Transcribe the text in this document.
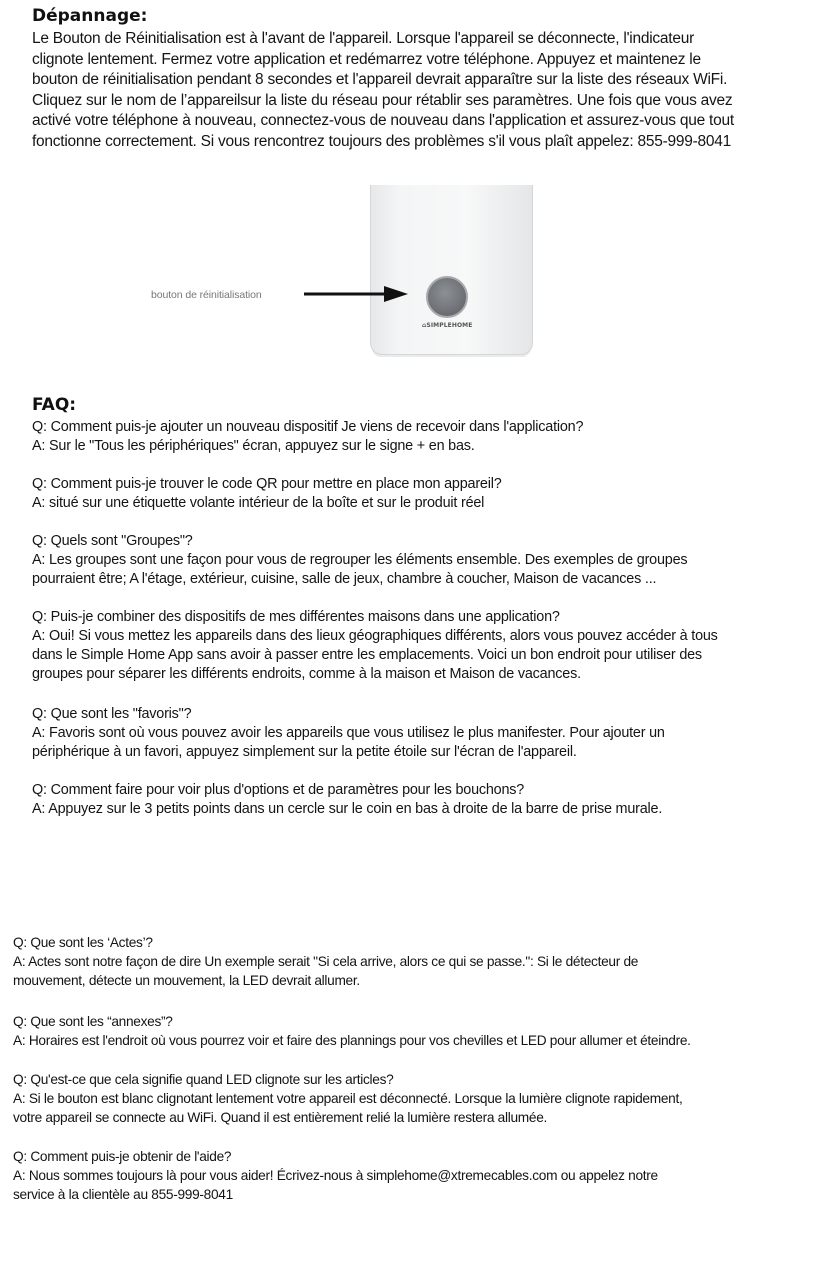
Dépannage:
Le Bouton de Réinitialisation est à l'avant de l'appareil. Lorsque l'appareil se déconnecte, l'indicateur
clignote lentement. Fermez votre application et redémarrez votre téléphone. Appuyez et maintenez le
bouton de réinitialisation pendant 8 secondes et l'appareil devrait apparaître sur la liste des réseaux WiFi.
Cliquez sur le nom de l’appareilsur la liste du réseau pour rétablir ses paramètres. Une fois que vous avez
activé votre téléphone à nouveau, connectez-vous de nouveau dans l'application et assurez-vous que tout
fonctionne correctement. Si vous rencontrez toujours des problèmes s'il vous plaît appelez: 855-999-8041
⌂SIMPLEHOME
bouton de réinitialisation
FAQ:
Q: Comment puis-je ajouter un nouveau dispositif Je viens de recevoir dans l'application?
A: Sur le "Tous les périphériques" écran, appuyez sur le signe + en bas.
Q: Comment puis-je trouver le code QR pour mettre en place mon appareil?
A: situé sur une étiquette volante intérieur de la boîte et sur le produit réel
Q: Quels sont "Groupes"?
A: Les groupes sont une façon pour vous de regrouper les éléments ensemble. Des exemples de groupes
pourraient être; A l'étage, extérieur, cuisine, salle de jeux, chambre à coucher, Maison de vacances ...
Q: Puis-je combiner des dispositifs de mes différentes maisons dans une application?
A: Oui! Si vous mettez les appareils dans des lieux géographiques différents, alors vous pouvez accéder à tous
dans le Simple Home App sans avoir à passer entre les emplacements. Voici un bon endroit pour utiliser des
groupes pour séparer les différents endroits, comme à la maison et Maison de vacances.
Q: Que sont les "favoris"?
A: Favoris sont où vous pouvez avoir les appareils que vous utilisez le plus manifester. Pour ajouter un
périphérique à un favori, appuyez simplement sur la petite étoile sur l'écran de l'appareil.
Q: Comment faire pour voir plus d'options et de paramètres pour les bouchons?
A: Appuyez sur le 3 petits points dans un cercle sur le coin en bas à droite de la barre de prise murale.
Q: Que sont les ‘Actes’?
A: Actes sont notre façon de dire Un exemple serait "Si cela arrive, alors ce qui se passe.": Si le détecteur de
mouvement, détecte un mouvement, la LED devrait allumer.
Q: Que sont les “annexes”?
A: Horaires est l'endroit où vous pourrez voir et faire des plannings pour vos chevilles et LED pour allumer et éteindre.
Q: Qu'est-ce que cela signifie quand LED clignote sur les articles?
A: Si le bouton est blanc clignotant lentement votre appareil est déconnecté. Lorsque la lumière clignote rapidement,
votre appareil se connecte au WiFi. Quand il est entièrement relié la lumière restera allumée.
Q: Comment puis-je obtenir de l'aide?
A: Nous sommes toujours là pour vous aider! Écrivez-nous à simplehome@xtremecables.com ou appelez notre
service à la clientèle au 855-999-8041
